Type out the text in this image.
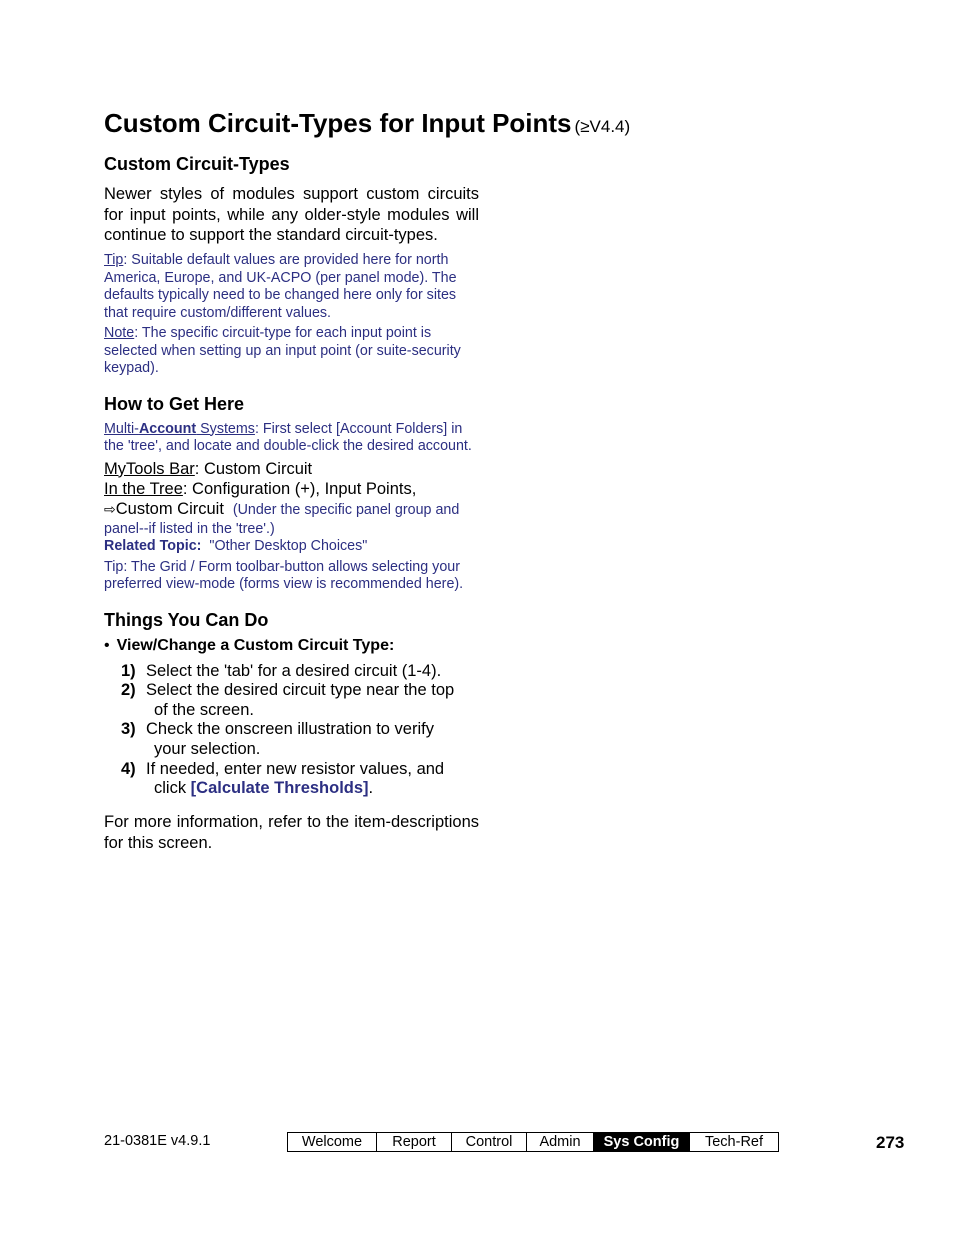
Custom Circuit-Types for Input Points (≥V4.4)
Custom Circuit-Types

Newer styles of modules support custom circuits for input points, while any older-style modules will continue to support the standard circuit-types.

Tip: Suitable default values are provided here for north America, Europe, and UK-ACPO (per panel mode). The defaults typically need to be changed here only for sites that require custom/different values.

Note: The specific circuit-type for each input point is selected when setting up an input point (or suite-security keypad).

How to Get Here

Multi-Account Systems: First select [Account Folders] in the 'tree', and locate and double-click the desired account.

MyTools Bar: Custom Circuit

In the Tree: Configuration (+), Input Points,

⇨Custom Circuit (Under the specific panel group and panel--if listed in the 'tree'.)

Related Topic: "Other Desktop Choices"

Tip: The Grid / Form toolbar-button allows selecting your preferred view-mode (forms view is recommended here).

Things You Can Do

• View/Change a Custom Circuit Type:

1) Select the 'tab' for a desired circuit (1-4).
2) Select the desired circuit type near the top
of the screen.
3) Check the onscreen illustration to verify
your selection.
4) If needed, enter new resistor values, and
click [Calculate Thresholds].

For more information, refer to the item-descriptions for this screen.

21-0381E v4.9.1	Welcome	Report	Control	Admin	Sys Config	Tech-Ref	273
